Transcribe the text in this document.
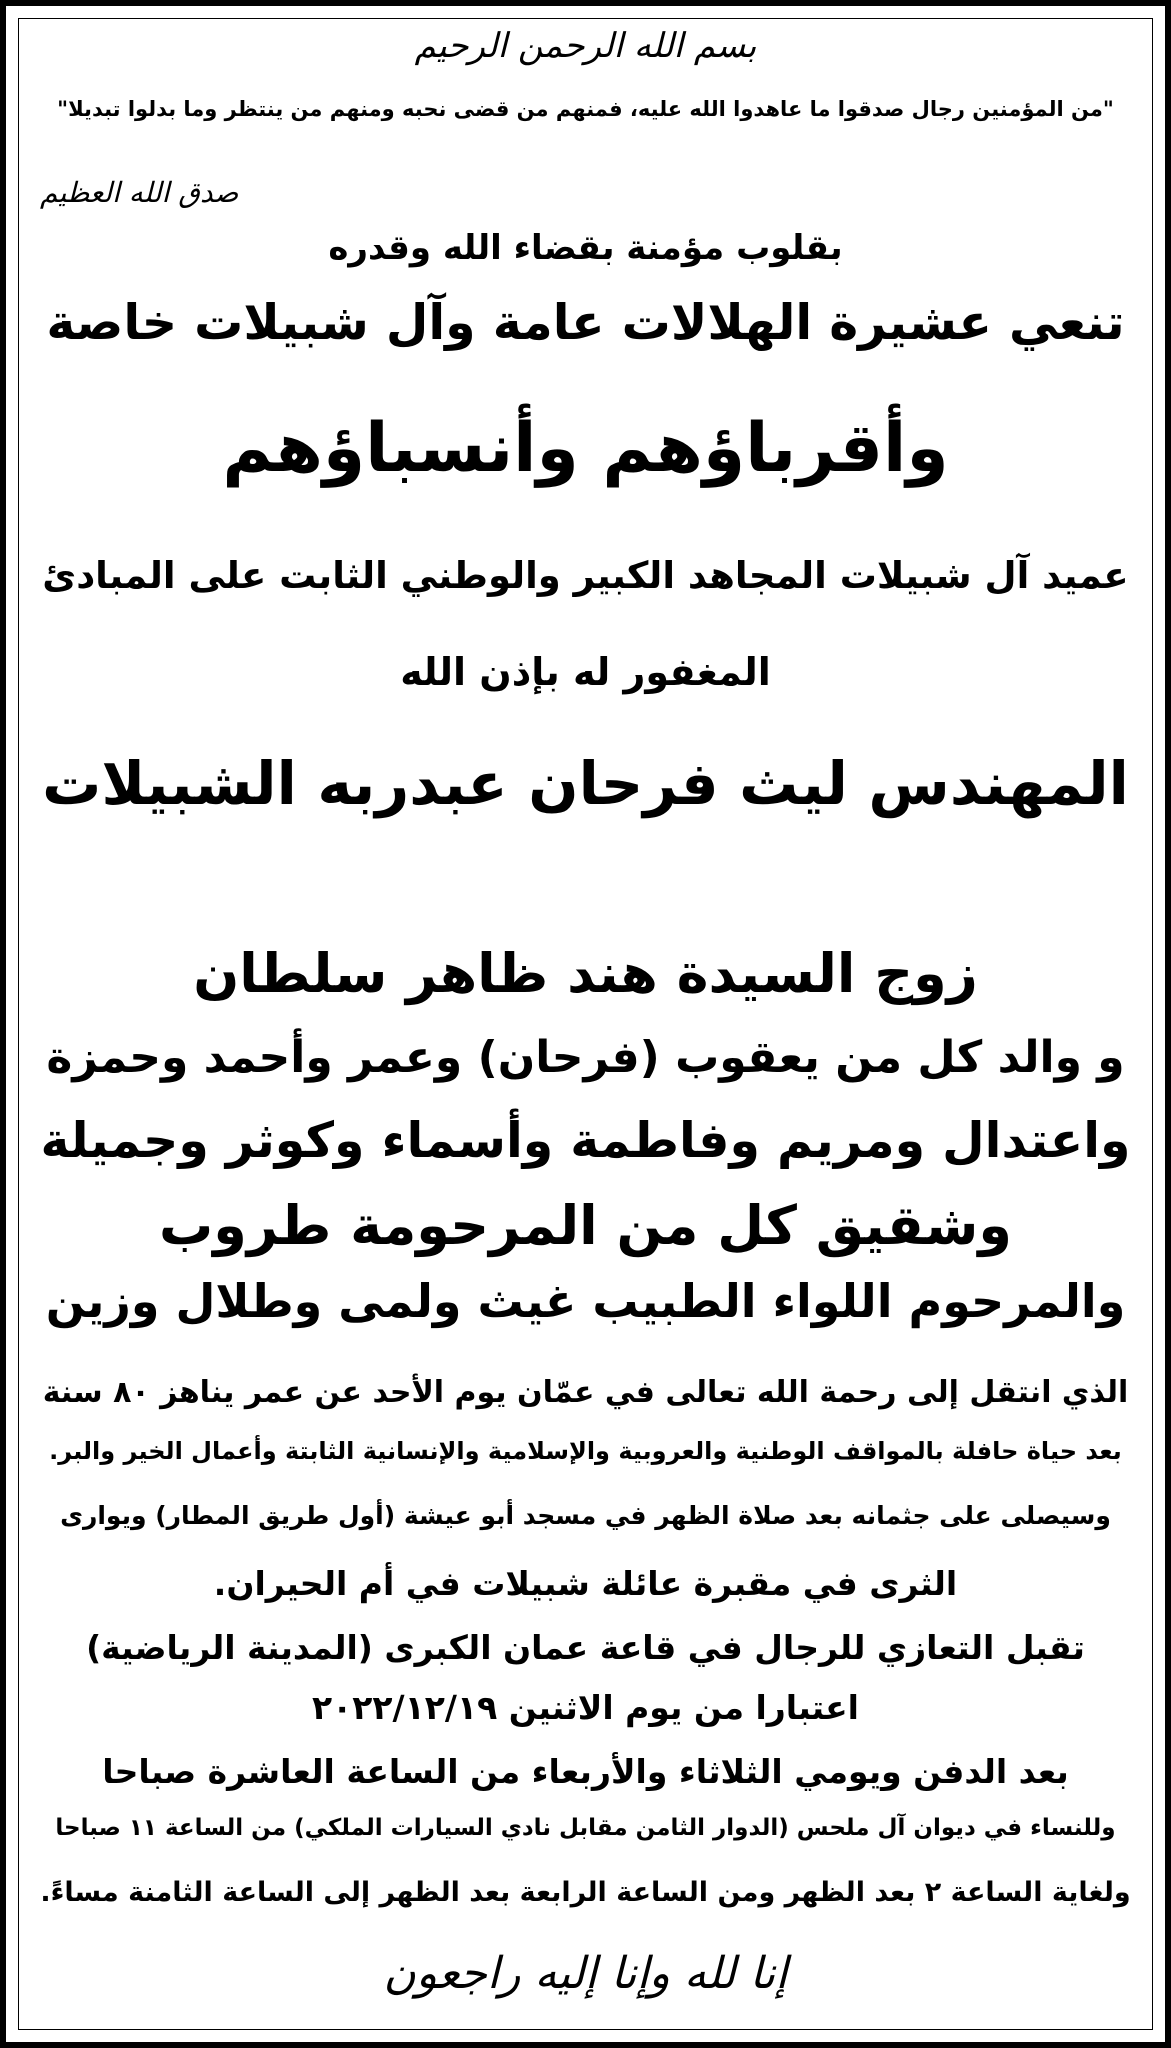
بسم الله الرحمن الرحيم
"من المؤمنين رجال صدقوا ما عاهدوا الله عليه، فمنهم من قضى نحبه ومنهم من ينتظر وما بدلوا تبديلا"
صدق الله العظيم
بقلوب مؤمنة بقضاء الله وقدره
تنعي عشيرة الهلالات عامة وآل شبيلات خاصة
وأقرباؤهم وأنسباؤهم
عميد آل شبيلات المجاهد الكبير والوطني الثابت على المبادئ
المغفور له بإذن الله
المهندس ليث فرحان عبدربه الشبيلات
زوج السيدة هند ظاهر سلطان
و والد كل من يعقوب (فرحان) وعمر وأحمد وحمزة
واعتدال ومريم وفاطمة وأسماء وكوثر وجميلة
وشقيق كل من المرحومة طروب
والمرحوم اللواء الطبيب غيث ولمى وطلال وزين
الذي انتقل إلى رحمة الله تعالى في عمّان يوم الأحد عن عمر يناهز ٨٠ سنة
بعد حياة حافلة بالمواقف الوطنية والعروبية والإسلامية والإنسانية الثابتة وأعمال الخير والبر.
وسيصلى على جثمانه بعد صلاة الظهر في مسجد أبو عيشة (أول طريق المطار) ويوارى
الثرى في مقبرة عائلة شبيلات في أم الحيران.
تقبل التعازي للرجال في قاعة عمان الكبرى (المدينة الرياضية)
اعتبارا من يوم الاثنين ٢٠٢٢/١٢/١٩
بعد الدفن ويومي الثلاثاء والأربعاء من الساعة العاشرة صباحا
وللنساء في ديوان آل ملحس (الدوار الثامن مقابل نادي السيارات الملكي) من الساعة ١١ صباحا
ولغاية الساعة ٢ بعد الظهر ومن الساعة الرابعة بعد الظهر إلى الساعة الثامنة مساءً.
إنا لله وإنا إليه راجعون
